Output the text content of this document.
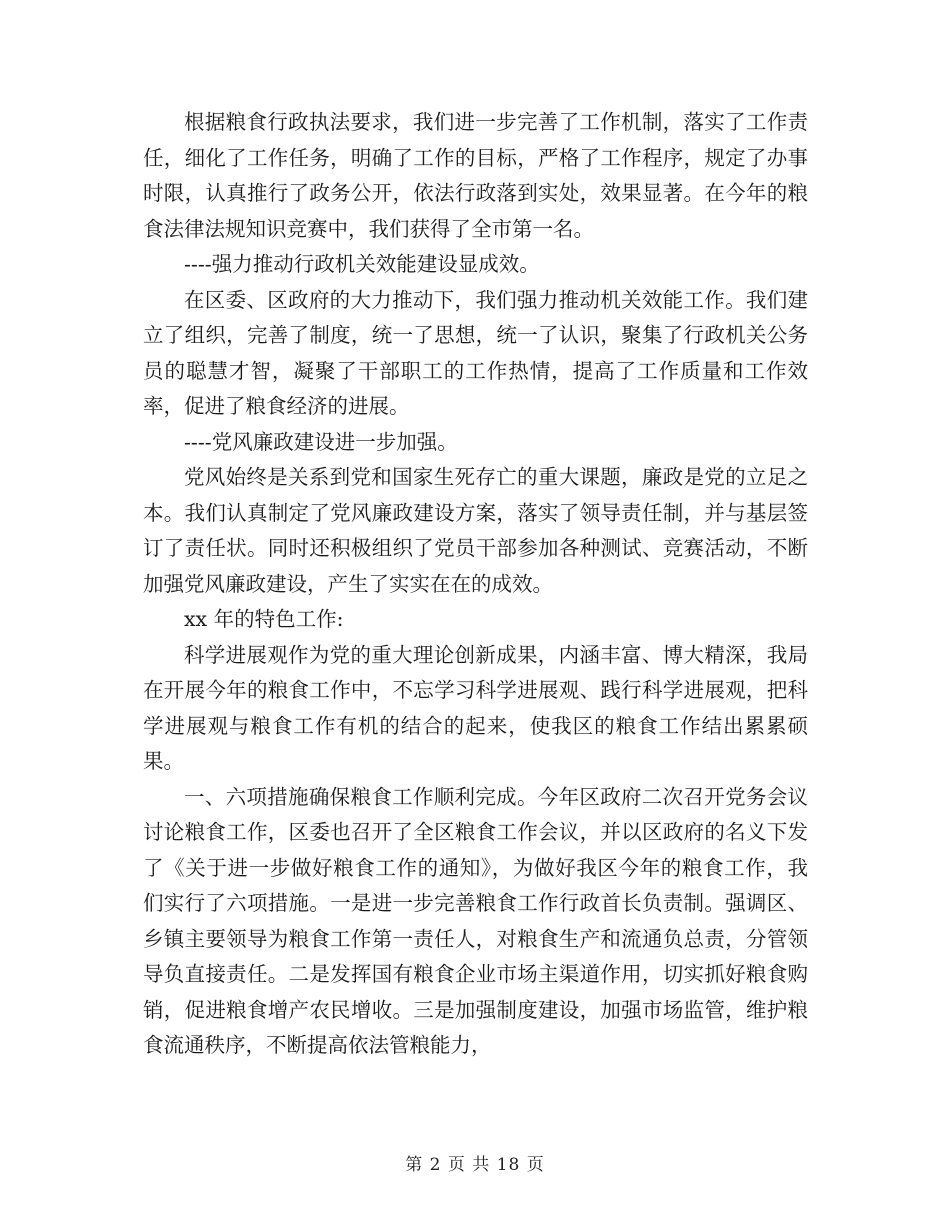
根据粮食行政执法要求，我们进一步完善了工作机制，落实了工作责任，细化了工作任务，明确了工作的目标，严格了工作程序，规定了办事时限，认真推行了政务公开，依法行政落到实处，效果显著。在今年的粮食法律法规知识竞赛中，我们获得了全市第一名。

----强力推动行政机关效能建设显成效。

在区委、区政府的大力推动下，我们强力推动机关效能工作。我们建立了组织，完善了制度，统一了思想，统一了认识，聚集了行政机关公务员的聪慧才智，凝聚了干部职工的工作热情，提高了工作质量和工作效率，促进了粮食经济的进展。

----党风廉政建设进一步加强。

党风始终是关系到党和国家生死存亡的重大课题，廉政是党的立足之本。我们认真制定了党风廉政建设方案，落实了领导责任制，并与基层签订了责任状。同时还积极组织了党员干部参加各种测试、竞赛活动，不断加强党风廉政建设，产生了实实在在的成效。

xx 年的特色工作:

科学进展观作为党的重大理论创新成果，内涵丰富、博大精深，我局在开展今年的粮食工作中，不忘学习科学进展观、践行科学进展观，把科学进展观与粮食工作有机的结合的起来，使我区的粮食工作结出累累硕果。

一、六项措施确保粮食工作顺利完成。今年区政府二次召开党务会议讨论粮食工作，区委也召开了全区粮食工作会议，并以区政府的名义下发了《关于进一步做好粮食工作的通知》，为做好我区今年的粮食工作，我们实行了六项措施。一是进一步完善粮食工作行政首长负责制。强调区、乡镇主要领导为粮食工作第一责任人，对粮食生产和流通负总责，分管领导负直接责任。二是发挥国有粮食企业市场主渠道作用，切实抓好粮食购销，促进粮食增产农民增收。三是加强制度建设，加强市场监管，维护粮食流通秩序，不断提高依法管粮能力，

第 2 页 共 18 页
